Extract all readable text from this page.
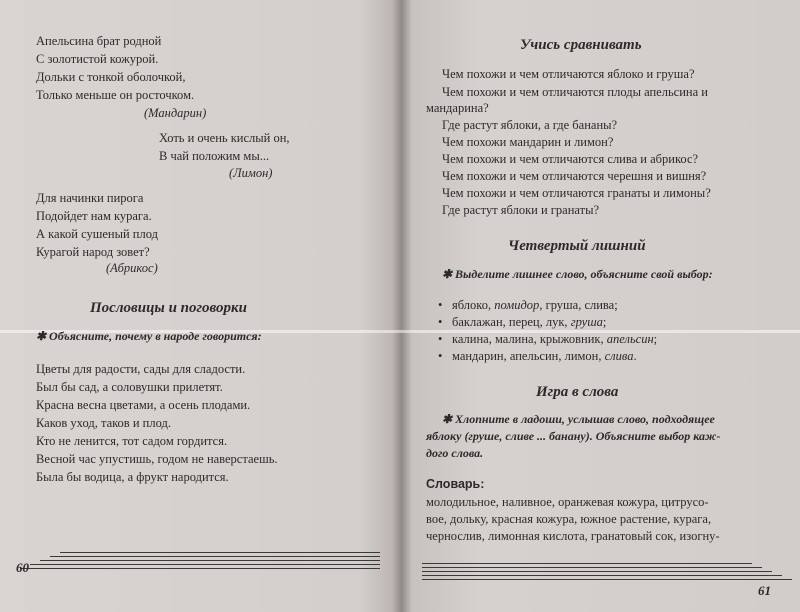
Апельсина брат родной
С золотистой кожурой.
Дольки с тонкой оболочкой,
Только меньше он росточком.
(Мандарин)
Хоть и очень кислый он,
В чай положим мы...
(Лимон)
Для начинки пирога
Подойдет нам курага.
А какой сушеный плод
Курагой народ зовет?
(Абрикос)
Пословицы и поговорки
✱ Объясните, почему в народе говорится:
Цветы для радости, сады для сладости.
Был бы сад, а соловушки прилетят.
Красна весна цветами, а осень плодами.
Каков уход, таков и плод.
Кто не ленится, тот садом гордится.
Весной час упустишь, годом не наверстаешь.
Была бы водица, а фрукт народится.
60
Учись сравнивать
Чем похожи и чем отличаются яблоко и груша?
Чем похожи и чем отличаются плоды апельсина и
мандарина?
Где растут яблоки, а где бананы?
Чем похожи мандарин и лимон?
Чем похожи и чем отличаются слива и абрикос?
Чем похожи и чем отличаются черешня и вишня?
Чем похожи и чем отличаются гранаты и лимоны?
Где растут яблоки и гранаты?
Четвертый лишний
✱ Выделите лишнее слово, объясните свой выбор:
• яблоко, помидор, груша, слива;
• баклажан, перец, лук, груша;
• калина, малина, крыжовник, апельсин;
• мандарин, апельсин, лимон, слива.
Игра в слова
✱ Хлопните в ладоши, услышав слово, подходящее
яблоку (груше, сливе ... банану). Объясните выбор каж-
дого слова.
Словарь:
молодильное, наливное, оранжевая кожура, цитрусо-
вое, дольку, красная кожура, южное растение, курага,
чернослив, лимонная кислота, гранатовый сок, изогну-
61
